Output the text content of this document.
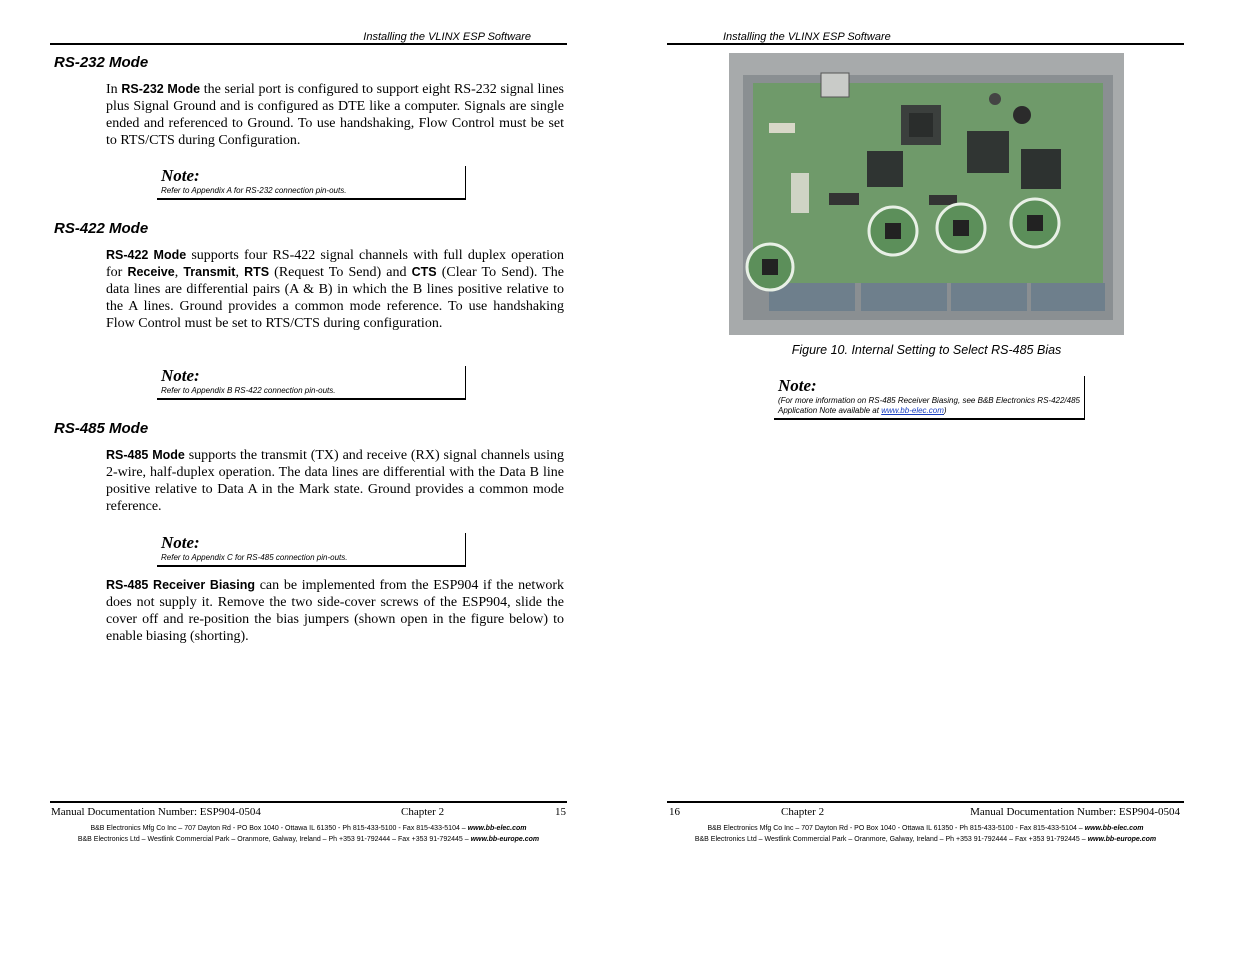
Installing the VLINX ESP Software
RS-232 Mode

In RS-232 Mode the serial port is configured to support eight RS-232 signal lines plus Signal Ground and is configured as DTE like a computer. Signals are single ended and referenced to Ground. To use handshaking, Flow Control must be set to RTS/CTS during Configuration.

Note:
Refer to Appendix A for RS-232 connection pin-outs.
RS-422 Mode

RS-422 Mode supports four RS-422 signal channels with full duplex operation for Receive, Transmit, RTS (Request To Send) and CTS (Clear To Send). The data lines are differential pairs (A & B) in which the B lines positive relative to the A lines. Ground provides a common mode reference. To use handshaking Flow Control must be set to RTS/CTS during configuration.

Note:
Refer to Appendix B RS-422 connection pin-outs.
RS-485 Mode

RS-485 Mode supports the transmit (TX) and receive (RX) signal channels using 2-wire, half-duplex operation. The data lines are differential with the Data B line positive relative to Data A in the Mark state. Ground provides a common mode reference.

Note:
Refer to Appendix C for RS-485 connection pin-outs.

RS-485 Receiver Biasing can be implemented from the ESP904 if the network does not supply it. Remove the two side-cover screws of the ESP904, slide the cover off and re-position the bias jumpers (shown open in the figure below) to enable biasing (shorting).

Manual Documentation Number: ESP904-0504	Chapter 2	15
B&B Electronics Mfg Co Inc – 707 Dayton Rd - PO Box 1040 - Ottawa IL 61350 - Ph 815-433-5100 - Fax 815-433-5104 – www.bb-elec.com
B&B Electronics Ltd – Westlink Commercial Park – Oranmore, Galway, Ireland – Ph +353 91-792444 – Fax +353 91-792445 – www.bb-europe.com
Installing the VLINX ESP Software
Figure 10. Internal Setting to Select RS-485 Bias
Note:
(For more information on RS-485 Receiver Biasing, see B&B Electronics RS-422/485 Application Note available at www.bb-elec.com)
16	Chapter 2	Manual Documentation Number: ESP904-0504
B&B Electronics Mfg Co Inc – 707 Dayton Rd - PO Box 1040 - Ottawa IL 61350 - Ph 815-433-5100 - Fax 815-433-5104 – www.bb-elec.com
B&B Electronics Ltd – Westlink Commercial Park – Oranmore, Galway, Ireland – Ph +353 91-792444 – Fax +353 91-792445 – www.bb-europe.com
